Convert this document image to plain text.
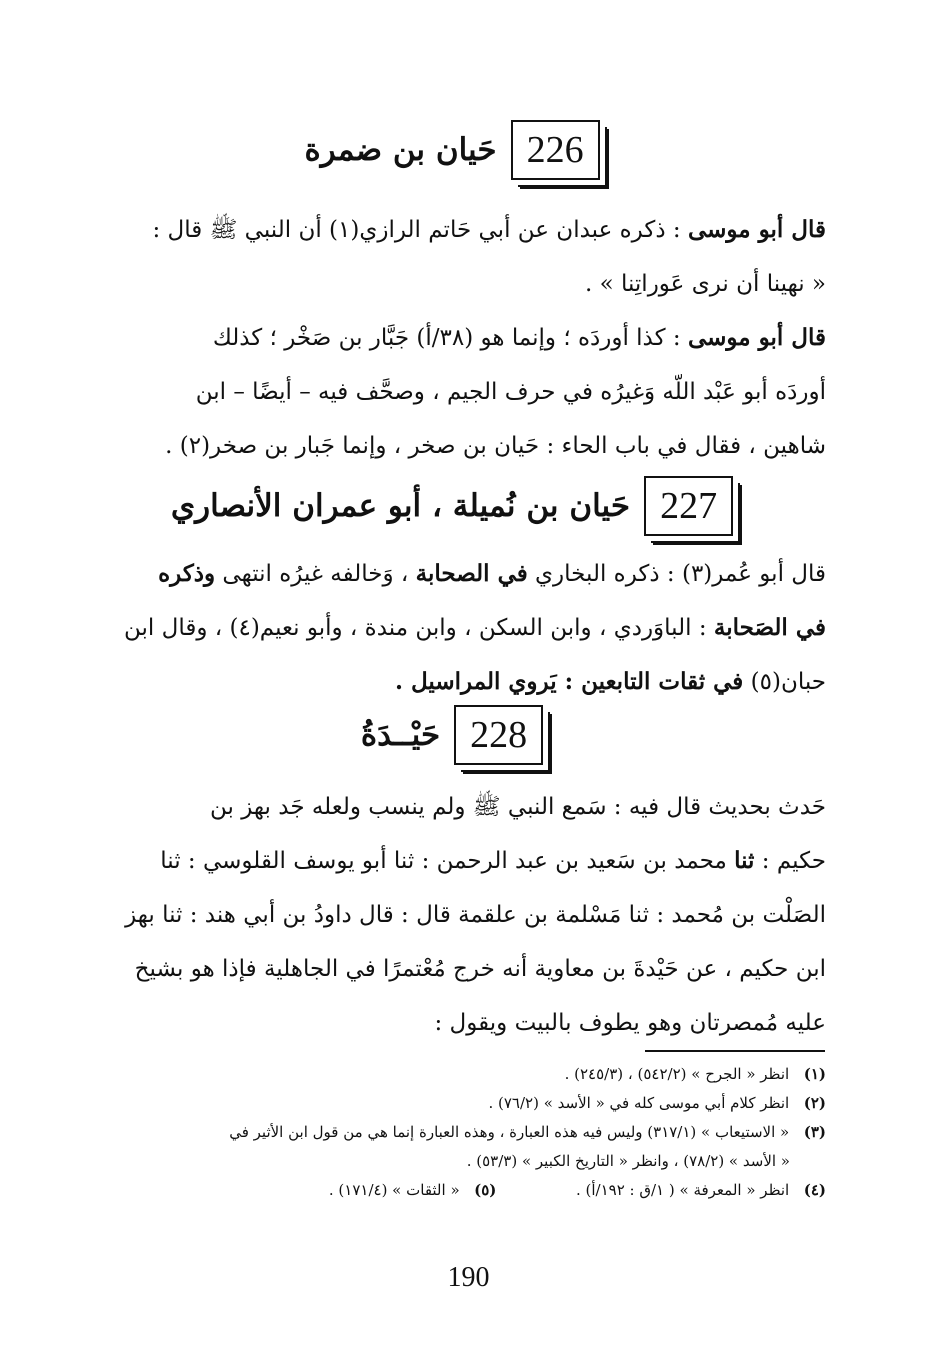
226
حَيان بن ضمرة
قال أبو موسى : ذكره عبدان عن أبي حَاتم الرازي(١) أن النبي ﷺ قال :
« نهينا أن نرى عَوراتِنا » .
قال أبو موسى : كذا أوردَه ؛ وإنما هو (٣٨/أ) جَبَّار بن صَخْر ؛ كذلك
أوردَه أبو عَبْد اللّه وَغيرُه في حرف الجيم ، وصحَّف فيه – أيضًا – ابن
شاهين ، فقال في باب الحاء : حَيان بن صخر ، وإنما جَبار بن صخر(٢) .
227
حَيان بن نُميلة ، أبو عمران الأنصاري
قال أبو عُمر(٣) : ذكره البخاري في الصحابة ، وَخالفه غيرُه انتهى وذكره
في الصَحابة : الباوَردي ، وابن السكن ، وابن مندة ، وأبو نعيم(٤) ، وقال ابن
حبان(٥) في ثقات التابعين : يَروي المراسيل .
228
حَيْــدَةُ
حَدث بحديث قال فيه : سَمع النبي ﷺ ولم ينسب ولعله جَد بهز بن
حكيم : ثنا محمد بن سَعيد بن عبد الرحمن : ثنا أبو يوسف القلوسي : ثنا
الصَلْت بن مُحمد : ثنا مَسْلمة بن علقمة قال : قال داودُ بن أبي هند : ثنا بهز
ابن حكيم ، عن حَيْدةَ بن معاوية أنه خرج مُعْتمرًا في الجاهلية فإذا هو بشيخ
عليه مُمصرتان وهو يطوف بالبيت ويقول :
(١) انظر « الجرح » (٥٤٢/٢) ، (٢٤٥/٣) .
(٢) انظر كلام أبي موسى كله في « الأسد » (٧٦/٢) .
(٣) « الاستيعاب » (٣١٧/١) وليس فيه هذه العبارة ، وهذه العبارة إنما هي من قول ابن الأثير في
« الأسد » (٧٨/٢) ، وانظر « التاريخ الكبير » (٥٣/٣) .
(٤) انظر « المعرفة » ( ١/ق : ١٩٢/أ) .  (٥) « الثقات » (١٧١/٤) .
190
